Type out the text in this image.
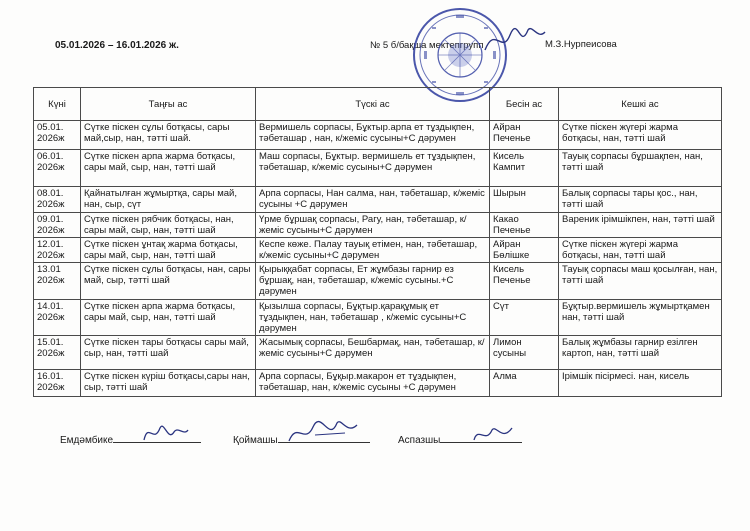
05.01.2026 – 16.01.2026 ж.	№ 5 б/бақша мектепгрупп	М.З.Нурпеисова
Күні	Таңғы ас	Түскі ас	Бесін ас	Кешкі ас
05.01. 2026ж	Сүтке піскен сұлы ботқасы, сары май,сыр, нан, тәтті шай.	Вермишель сорпасы, Бұктыр.арпа ет тұздықпен, тәбеташар , нан, к/жеміс сусыны+С дәрумен	Айран Печенье	Сүтке піскен жүгері жарма ботқасы, нан, тәтті шай
06.01. 2026ж	Сүтке піскен арпа жарма ботқасы, сары май, сыр, нан, тәтті шай	Маш сорпасы, Бұктыр. вермишель ет тұздықпен, тәбеташар, к/жеміс сусыны+С дәрумен	Кисель Кампит	Тауық сорпасы бұршақпен, нан, тәтті шай
08.01. 2026ж	Қайнатылған жұмыртқа, сары май, нан, сыр, сүт	Арпа сорпасы, Нан салма, нан, тәбеташар, к/жеміс сусыны +С дәрумен	Шырын	Балық сорпасы тары қос., нан, тәтті шай
09.01. 2026ж	Сүтке піскен рябчик ботқасы, нан, сары май, сыр, нан, тәтті шай	Үрме бұршақ сорпасы, Рагу, нан, тәбеташар, к/жеміс сусыны+С дәрумен	Какао Печенье	Вареник ірімшікпен, нан, тәтті шай
12.01. 2026ж	Сүтке піскен ұнтақ жарма ботқасы, сары май, сыр, нан, тәтті шай	Кеспе көже. Палау тауық етімен, нан, тәбеташар, к/жеміс сусыны+С дәрумен	Айран Бөлішке	Сүтке піскен жүгері жарма ботқасы, нан, тәтті шай
13.01 2026ж	Сүтке піскен сұлы ботқасы, нан, сары май, сыр, тәтті шай	Қырыққабат сорпасы, Ет жұмбазы гарнир ез бұршақ, нан, тәбеташар, к/жеміс сусыны.+С дәрумен	Кисель Печенье	Тауық сорпасы маш қосылған, нан, тәтті шай
14.01. 2026ж	Сүтке піскен арпа жарма ботқасы, сары май, сыр, нан, тәтті шай	Қызылша сорпасы, Бұқтыр.қарақұмық ет тұздықпен, нан, тәбеташар , к/жеміс сусыны+С дәрумен	Сүт	Бұқтыр.вермишель жұмыртқамен нан, тәтті шай
15.01. 2026ж	Сүтке піскен тары ботқасы сары май, сыр, нан, тәтті шай	Жасымық сорпасы, Бешбармақ, нан, тәбеташар, к/жеміс сусыны+С дәрумен	Лимон сусыны	Балық жұмбазы гарнир езілген картоп, нан, тәтті шай
16.01. 2026ж	Сүтке піскен күріш ботқасы,сары нан, сыр, тәтті шай	Арпа сорпасы, Бұқыр.макарон ет тұздықпен, тәбеташар, нан, к/жеміс сусыны +С дәрумен	Алма	Ірімшік пісірмесі. нан, кисель
Емдәмбике	Қоймашы	Аспазшы
